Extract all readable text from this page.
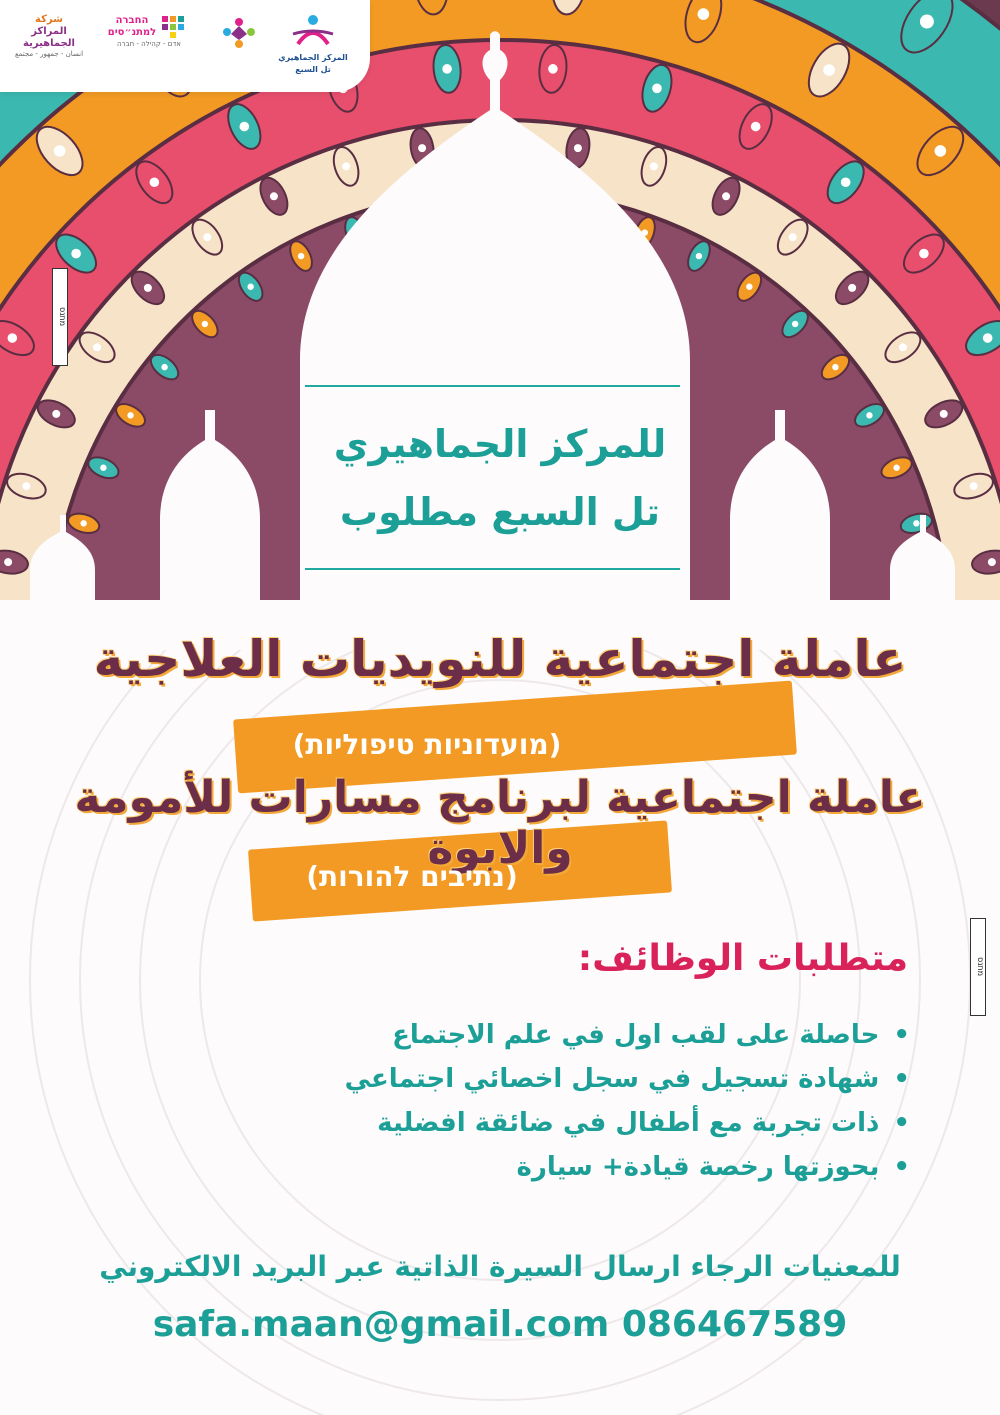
شركة
المراكز الجماهيرية
انسان - جمهور - مجتمع
החברה
למתנ״סים
אדם - קהילה - חברה
المركز الجماهيري تل السبع
מתנס
מתנס
للمركز الجماهيري
تل السبع مطلوب
عاملة اجتماعية للنويديات العلاجية
(מועדוניות טיפוליות)
عاملة اجتماعية لبرنامج مسارات للأمومة والابوة
(נתיבים להורות)
متطلبات الوظائف:
•حاصلة على لقب اول في علم الاجتماع
•شهادة تسجيل في سجل اخصائي اجتماعي
•ذات تجربة مع أطفال في ضائقة افضلية
•بحوزتها رخصة قيادة+ سيارة
للمعنيات الرجاء ارسال السيرة الذاتية عبر البريد الالكتروني
safa.maan@gmail.com 086467589
